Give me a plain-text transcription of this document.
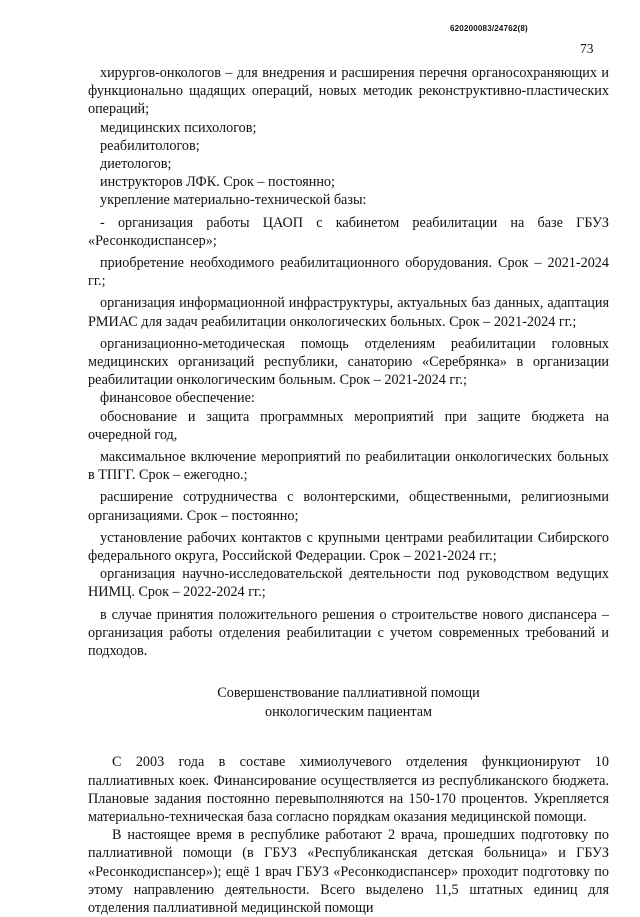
620200083/24762(8)
73

хирургов-онкологов – для внедрения и расширения перечня органосохраняющих и функционально щадящих операций, новых методик реконструктивно-пластических операций;

медицинских психологов;

реабилитологов;

диетологов;

инструкторов ЛФК. Срок – постоянно;

укрепление материально-технической базы:

- организация работы ЦАОП с кабинетом реабилитации на базе ГБУЗ «Ресонкодиспансер»;

приобретение необходимого реабилитационного оборудования. Срок – 2021-2024 гг.;

организация информационной инфраструктуры, актуальных баз данных, адаптация РМИАС для задач реабилитации онкологических больных. Срок – 2021-2024 гг.;

организационно-методическая помощь отделениям реабилитации головных медицинских организаций республики, санаторию «Серебрянка» в организации реабилитации онкологическим больным. Срок – 2021-2024 гг.;

финансовое обеспечение:

обоснование и защита программных мероприятий при защите бюджета на очередной год,

максимальное включение мероприятий по реабилитации онкологических больных в ТПГГ. Срок – ежегодно.;

расширение сотрудничества с волонтерскими, общественными, религиозными организациями. Срок – постоянно;

установление рабочих контактов с крупными центрами реабилитации Сибирского федерального округа, Российской Федерации. Срок – 2021-2024 гг.;

организация научно-исследовательской деятельности под руководством ведущих НИМЦ. Срок – 2022-2024 гг.;

в случае принятия положительного решения о строительстве нового диспансера – организация работы отделения реабилитации с учетом современных требований и подходов.

Совершенствование паллиативной помощи
онкологическим пациентам

С 2003 года в составе химиолучевого отделения функционируют 10 паллиативных коек. Финансирование осуществляется из республиканского бюджета. Плановые задания постоянно перевыполняются на 150-170 процентов. Укрепляется материально-техническая база согласно порядкам оказания медицинской помощи.

В настоящее время в республике работают 2 врача, прошедших подготовку по паллиативной помощи (в ГБУЗ «Республиканская детская больница» и ГБУЗ «Ресонкодиспансер»); ещё 1 врач ГБУЗ «Ресонкодиспансер» проходит подготовку по этому направлению деятельности. Всего выделено 11,5 штатных единиц для отделения паллиативной медицинской помощи
